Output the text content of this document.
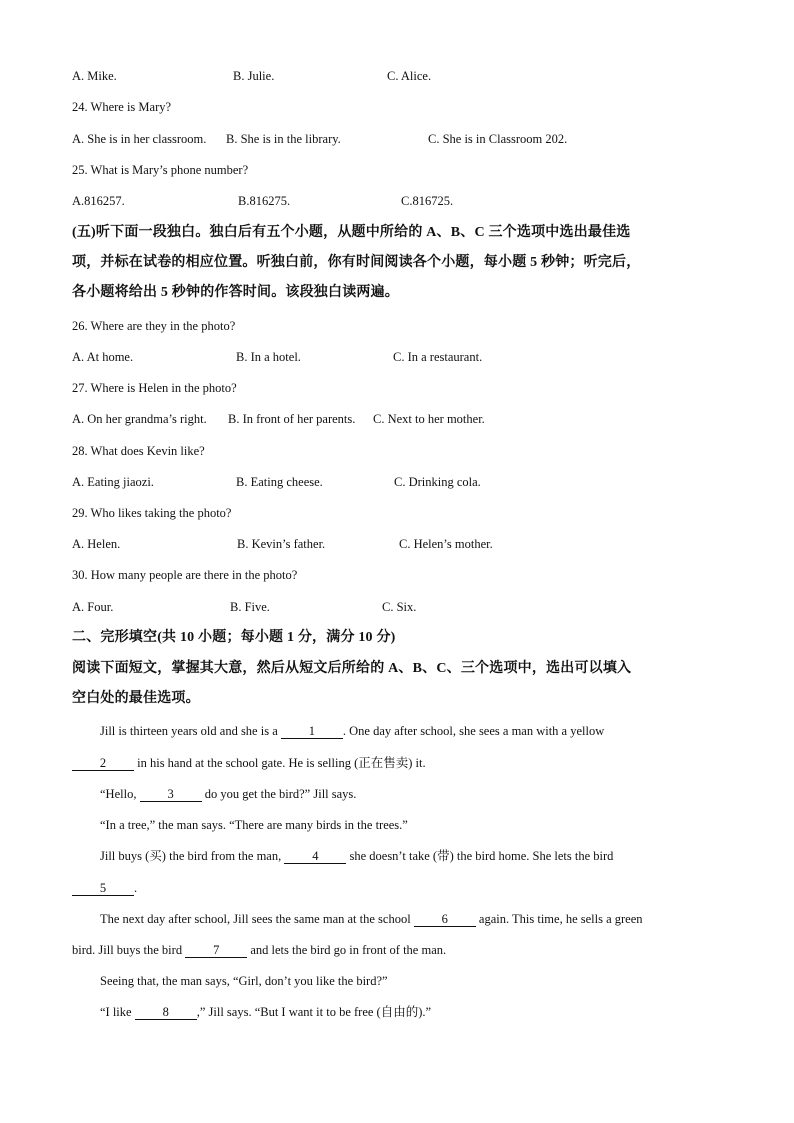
A. Mike.	B. Julie.	C. Alice.
24. Where is Mary?
A. She is in her classroom. B. She is in the library.	C. She is in Classroom 202.
25. What is Mary’s phone number?
A.816257.	B.816275.	C.816725.
(五)听下面一段独白。独白后有五个小题，从题中所给的 A、B、C 三个选项中选出最佳选
项，并标在试卷的相应位置。听独白前，你有时间阅读各个小题，每小题 5 秒钟；听完后，
各小题将给出 5 秒钟的作答时间。该段独白读两遍。
26. Where are they in the photo?
A. At home.	B. In a hotel.	C. In a restaurant.
27. Where is Helen in the photo?
A. On her grandma’s right. B. In front of her parents. C. Next to her mother.
28. What does Kevin like?
A. Eating jiaozi.	B. Eating cheese.	C. Drinking cola.
29. Who likes taking the photo?
A. Helen.	B. Kevin’s father.	C. Helen’s mother.
30. How many people are there in the photo?
A. Four.	B. Five.	C. Six.
二、完形填空(共 10 小题；每小题 1 分，满分 10 分)
阅读下面短文，掌握其大意，然后从短文后所给的 A、B、C、三个选项中，选出可以填入
空白处的最佳选项。
Jill is thirteen years old and she is a 1 . One day after school, she sees a man with a yellow
2 in his hand at the school gate. He is selling (正在售卖) it.
“Hello, 3 do you get the bird?” Jill says.
“In a tree,” the man says. “There are many birds in the trees.”
Jill buys (买) the bird from the man, 4 she doesn’t take (带) the bird home. She lets the bird
5 .
The next day after school, Jill sees the same man at the school 6 again. This time, he sells a green
bird. Jill buys the bird 7 and lets the bird go in front of the man.
Seeing that, the man says, “Girl, don’t you like the bird?”
“I like 8 ,” Jill says. “But I want it to be free (自由的).”
